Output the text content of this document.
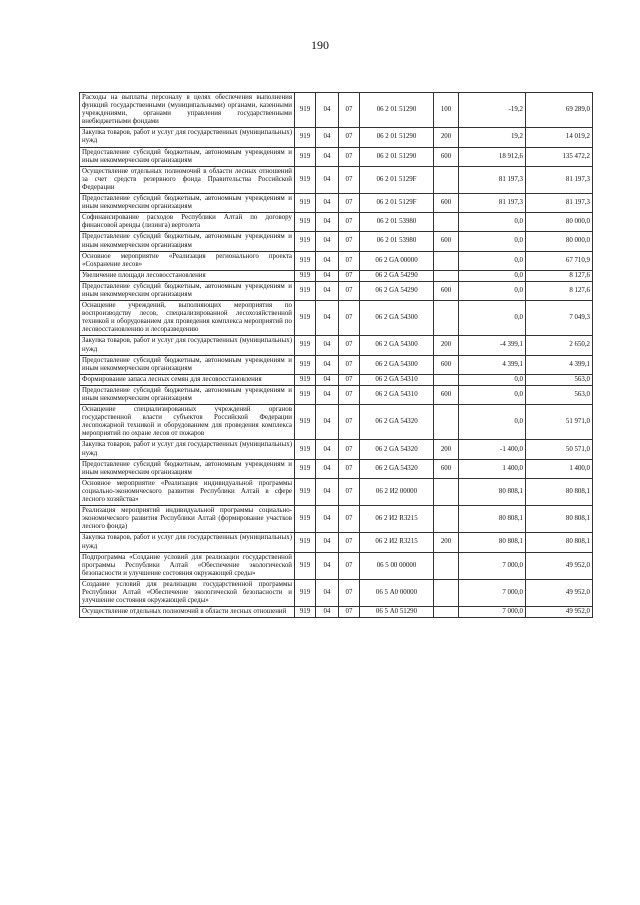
190
Расходы на выплаты персоналу в целях обеспечения выполнения функций государственными (муниципальными) органами, казенными учреждениями, органами управления государственными внебюджетными фондами	919	04	07	06 2 01 51290	100	-19,2	69 289,0
Закупка товаров, работ и услуг для государственных (муниципальных) нужд	919	04	07	06 2 01 51290	200	19,2	14 019,2
Предоставление субсидий бюджетным, автономным учреждениям и иным некоммерческим организациям	919	04	07	06 2 01 51290	600	18 912,6	135 472,2
Осуществление отдельных полномочий в области лесных отношений за счет средств резервного фонда Правительства Российской Федерации	919	04	07	06 2 01 5129F		81 197,3	81 197,3
Предоставление субсидий бюджетным, автономным учреждениям и иным некоммерческим организациям	919	04	07	06 2 01 5129F	600	81 197,3	81 197,3
Софинансирование расходов Республики Алтай по договору финансовой аренды (лизинга) вертолета	919	04	07	06 2 01 53980		0,0	80 000,0
Предоставление субсидий бюджетным, автономным учреждениям и иным некоммерческим организациям	919	04	07	06 2 01 53980	600	0,0	80 000,0
Основное мероприятие «Реализация регионального проекта «Сохранение лесов»	919	04	07	06 2 GA 00000		0,0	67 710,9
Увеличение площади лесовосстановления	919	04	07	06 2 GA 54290		0,0	8 127,6
Предоставление субсидий бюджетным, автономным учреждениям и иным некоммерческим организациям	919	04	07	06 2 GA 54290	600	0,0	8 127,6
Оснащение учреждений, выполняющих мероприятия по воспроизводству лесов, специализированной лесохозяйственной техникой и оборудованием для проведения комплекса мероприятий по лесовосстановлению и лесоразведению	919	04	07	06 2 GA 54300		0,0	7 049,3
Закупка товаров, работ и услуг для государственных (муниципальных) нужд	919	04	07	06 2 GA 54300	200	-4 399,1	2 650,2
Предоставление субсидий бюджетным, автономным учреждениям и иным некоммерческим организациям	919	04	07	06 2 GA 54300	600	4 399,1	4 399,1
Формирование запаса лесных семян для лесовосстановления	919	04	07	06 2 GA 54310		0,0	563,0
Предоставление субсидий бюджетным, автономным учреждениям и иным некоммерческим организациям	919	04	07	06 2 GA 54310	600	0,0	563,0
Оснащение специализированных учреждений органов государственной власти субъектов Российской Федерации лесопожарной техникой и оборудованием для проведения комплекса мероприятий по охране лесов от пожаров	919	04	07	06 2 GA 54320		0,0	51 971,0
Закупка товаров, работ и услуг для государственных (муниципальных) нужд	919	04	07	06 2 GA 54320	200	-1 400,0	50 571,0
Предоставление субсидий бюджетным, автономным учреждениям и иным некоммерческим организациям	919	04	07	06 2 GA 54320	600	1 400,0	1 400,0
Основное мероприятие «Реализация индивидуальной программы социально-экономического развития Республики Алтай в сфере лесного хозяйства»	919	04	07	06 2 И2 00000		80 808,1	80 808,1
Реализация мероприятий индивидуальной программы социально-экономического развития Республики Алтай (формирование участков лесного фонда)	919	04	07	06 2 И2 R3215		80 808,1	80 808,1
Закупка товаров, работ и услуг для государственных (муниципальных) нужд	919	04	07	06 2 И2 R3215	200	80 808,1	80 808,1
Подпрограмма «Создание условий для реализации государственной программы Республики Алтай «Обеспечение экологической безопасности и улучшение состояния окружающей среды»	919	04	07	06 5 00 00000		7 000,0	49 952,0
Создание условий для реализации государственной программы Республики Алтай «Обеспечение экологической безопасности и улучшение состояния окружающей среды»	919	04	07	06 5 А0 00000		7 000,0	49 952,0
Осуществление отдельных полномочий в области лесных отношений	919	04	07	06 5 А0 51290		7 000,0	49 952,0
